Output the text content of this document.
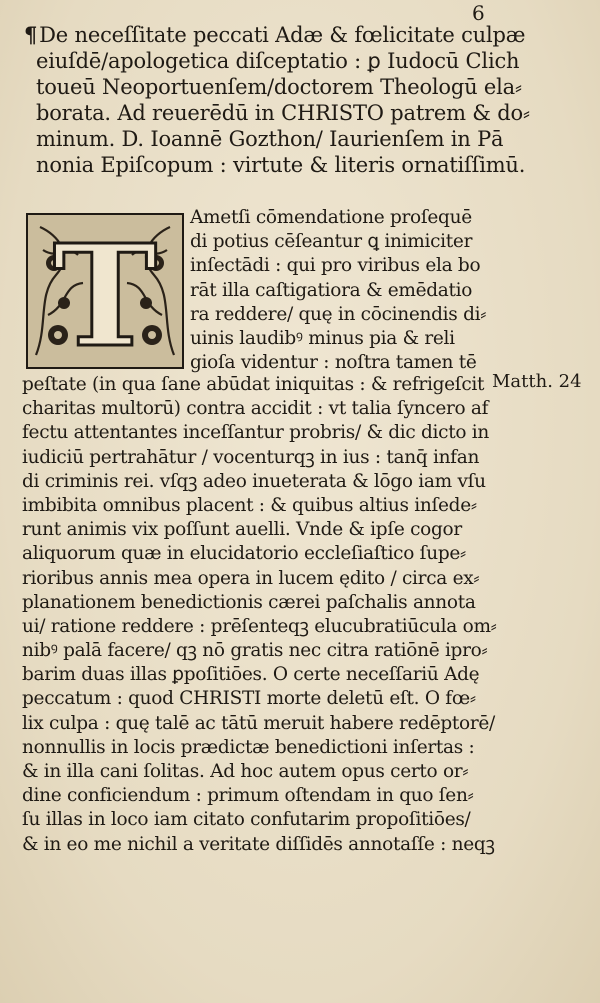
6
¶De neceſſitate peccati Adæ & fœlicitate culpæ
eiuſdē/apologetica diſceptatio : ꝑ Iudocū Clich
toueū Neoportuenſem/doctorem Theologū ela⸗
borata. Ad reuerēdū in CHRISTO patrem & do⸗
minum. D. Ioannē Gozthon/ Iaurienſem in Pā
nonia Epiſcopum : virtute & literis ornatiſſimū.
T Ametſi cōmendatione proſequē
di potius cēſeantur ꝗ inimiciter
inſectādi : qui pro viribus ela bo
rāt illa caſtigatiora & emēdatio
ra reddere/ quę in cōcinendis di⸗
uinis laudibꝰ minus pia & reli
gioſa videntur : noſtra tamen tē
peſtate (in qua ſane abūdat iniquitas : & refrigeſcit
charitas multorū) contra accidit : vt talia ſyncero af
fectu attentantes inceſſantur probris/ & dic dicto in
iudiciū pertrahātur / vocenturqꝫ in ius : tanq̄ infan
di criminis rei. vſqꝫ adeo inueterata & lōgo iam vſu
imbibita omnibus placent : & quibus altius inſede⸗
runt animis vix poſſunt auelli. Vnde & ipſe cogor
aliquorum quæ in elucidatorio eccleſiaſtico ſupe⸗
rioribus annis mea opera in lucem ędito / circa ex⸗
planationem benedictionis cærei paſchalis annota
ui/ ratione reddere : prēſenteqꝫ elucubratiūcula om⸗
nibꝰ palā facere/ qꝫ nō gratis nec citra ratiōnē ipro⸗
barim duas illas ꝑpoſitiōes. O certe neceſſariū Adę
peccatum : quod CHRISTI morte deletū eſt. O fœ⸗
lix culpa : quę talē ac tātū meruit habere redēptorē/
nonnullis in locis prædictæ benedictioni inſertas :
& in illa cani ſolitas. Ad hoc autem opus certo or⸗
dine conficiendum : primum oſtendam in quo ſen⸗
ſu illas in loco iam citato confutarim propoſitiōes/
& in eo me nichil a veritate diſſidēs annotaſſe : neqꝫ
Matth. 24
